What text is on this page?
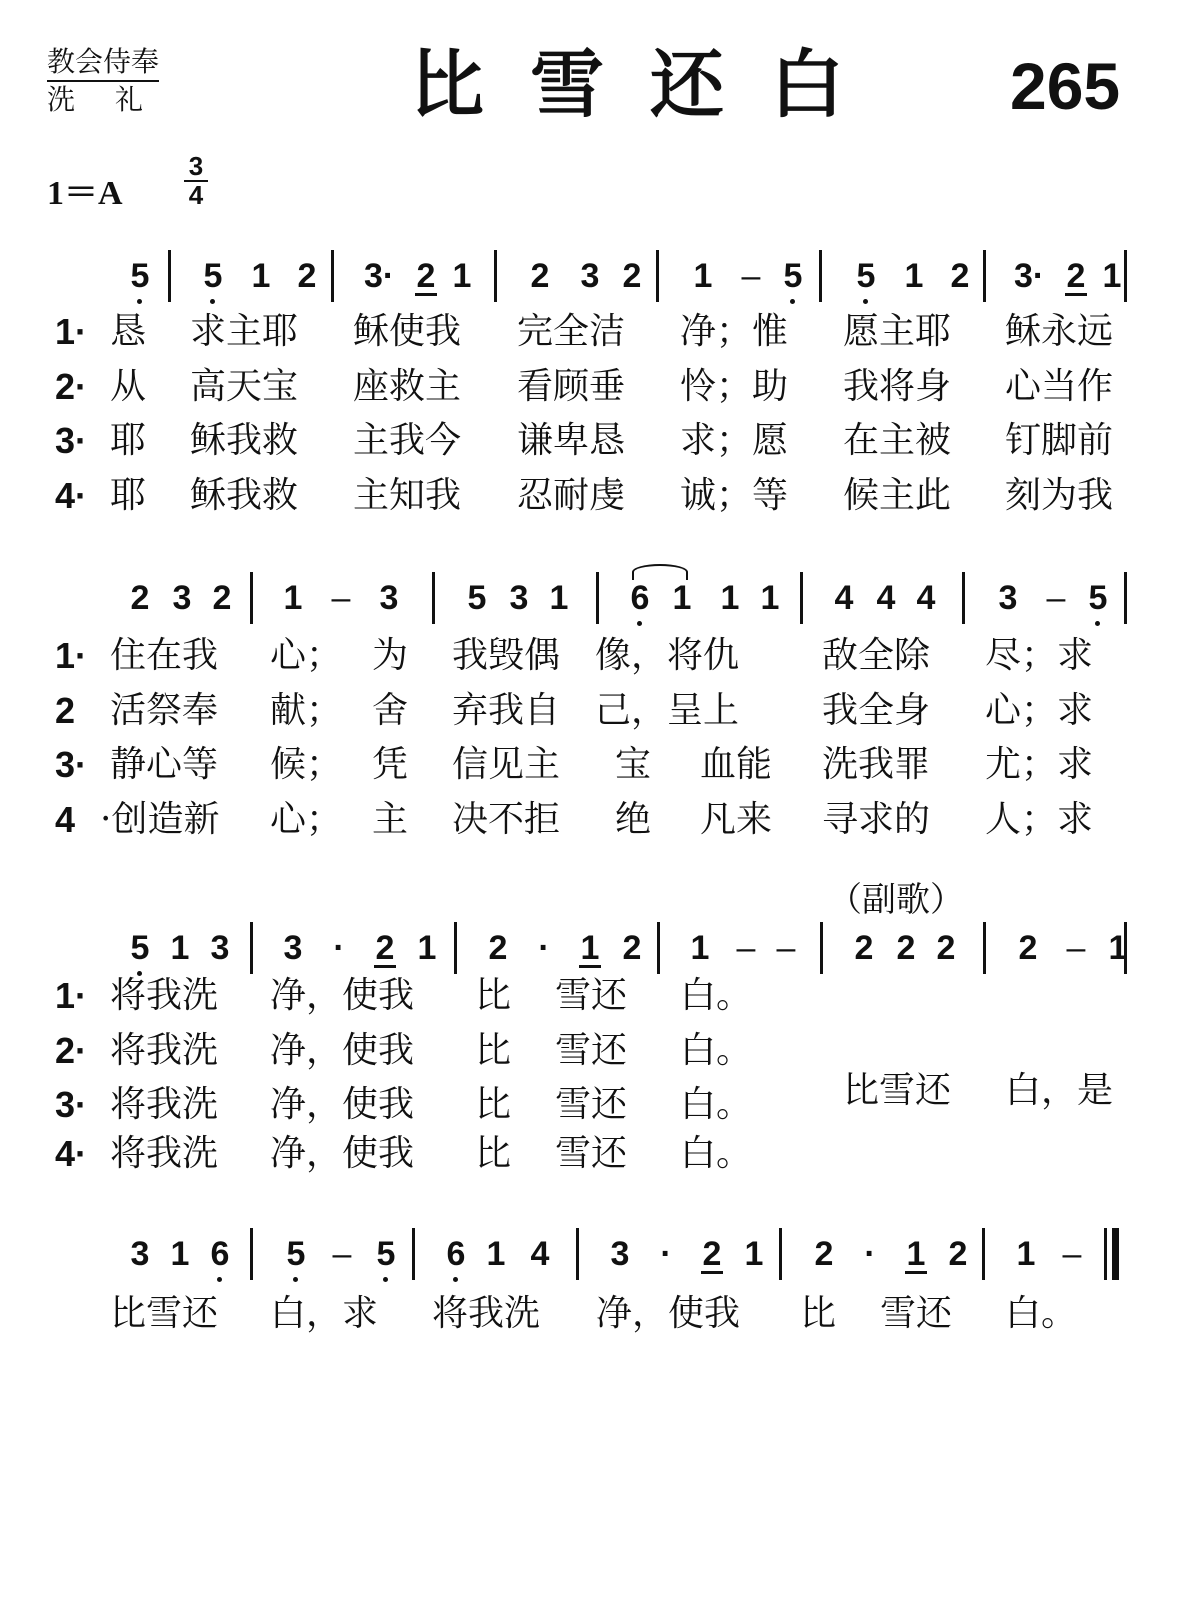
教会侍奉
洗礼	比雪还白 265
1＝A
3
4
5 5 1 2 3· 2 1 2 3 2 1 – 5 5 1 2 3· 2 1
2 3 2 1 – 3 5 3 1 6 1 1 1 4 4 4 3 – 5
5 1 3 3 · 2 1 2 · 1 2 1 – – 2 2 2 2 – 1
3 1 6 5 – 5 6 1 4 3 · 2 1 2 · 1 2 1 –
1· 恳 求主耶 稣使我 完全洁 净；惟 愿主耶 稣永远
2· 从 高天宝 座救主 看顾垂 怜；助 我将身 心当作
3· 耶 稣我救 主我今 谦卑恳 求；愿 在主被 钉脚前
4· 耶 稣我救 主知我 忍耐虔 诚；等 候主此 刻为我
1· 住在我 心； 为 我毁偶 像，将仇 敌全除 尽；求
2 活祭奉 献； 舍 弃我自 己，呈上 我全身 心；求
3· 静心等 候； 凭 信见主 宝 血能 洗我罪 尤；求
4 ·创造新 心； 主 决不拒 绝 凡来 寻求的 人；求
1· 将我洗 净，使我 比 雪还 白。
2· 将我洗 净，使我 比 雪还 白。
3· 将我洗 净，使我 比 雪还 白。
4· 将我洗 净，使我 比 雪还 白。
（副歌）
比雪还 白，是
比雪还 白，求 将我洗 净，使我 比 雪还 白。
